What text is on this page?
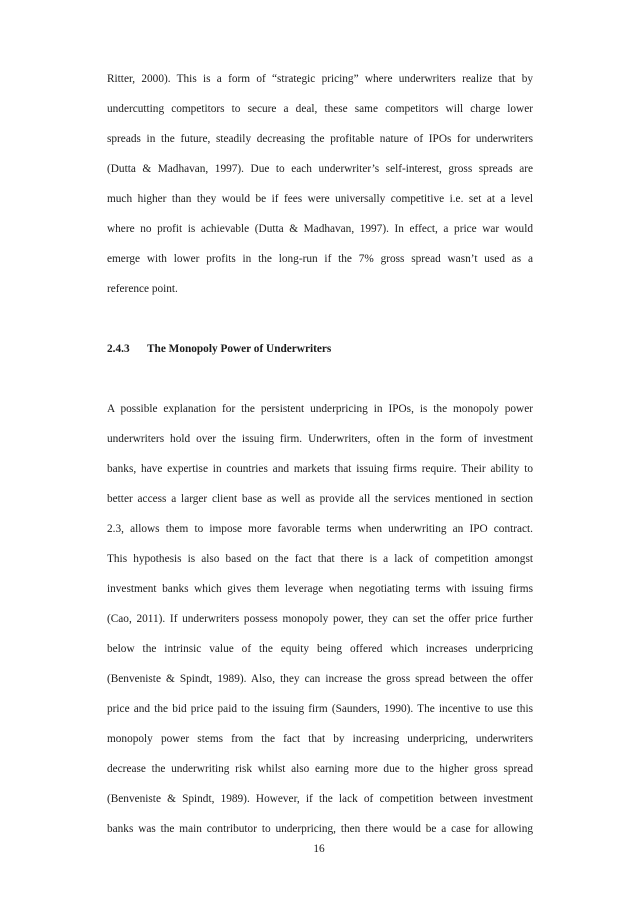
Ritter, 2000). This is a form of “strategic pricing” where underwriters realize that by
undercutting competitors to secure a deal, these same competitors will charge lower
spreads in the future, steadily decreasing the profitable nature of IPOs for underwriters
(Dutta & Madhavan, 1997). Due to each underwriter’s self-interest, gross spreads are
much higher than they would be if fees were universally competitive i.e. set at a level
where no profit is achievable (Dutta & Madhavan, 1997). In effect, a price war would
emerge with lower profits in the long-run if the 7% gross spread wasn’t used as a
reference point.
2.4.3 The Monopoly Power of Underwriters
A possible explanation for the persistent underpricing in IPOs, is the monopoly power
underwriters hold over the issuing firm. Underwriters, often in the form of investment
banks, have expertise in countries and markets that issuing firms require. Their ability to
better access a larger client base as well as provide all the services mentioned in section
2.3, allows them to impose more favorable terms when underwriting an IPO contract.
This hypothesis is also based on the fact that there is a lack of competition amongst
investment banks which gives them leverage when negotiating terms with issuing firms
(Cao, 2011). If underwriters possess monopoly power, they can set the offer price further
below the intrinsic value of the equity being offered which increases underpricing
(Benveniste & Spindt, 1989). Also, they can increase the gross spread between the offer
price and the bid price paid to the issuing firm (Saunders, 1990). The incentive to use this
monopoly power stems from the fact that by increasing underpricing, underwriters
decrease the underwriting risk whilst also earning more due to the higher gross spread
(Benveniste & Spindt, 1989). However, if the lack of competition between investment
banks was the main contributor to underpricing, then there would be a case for allowing
16
